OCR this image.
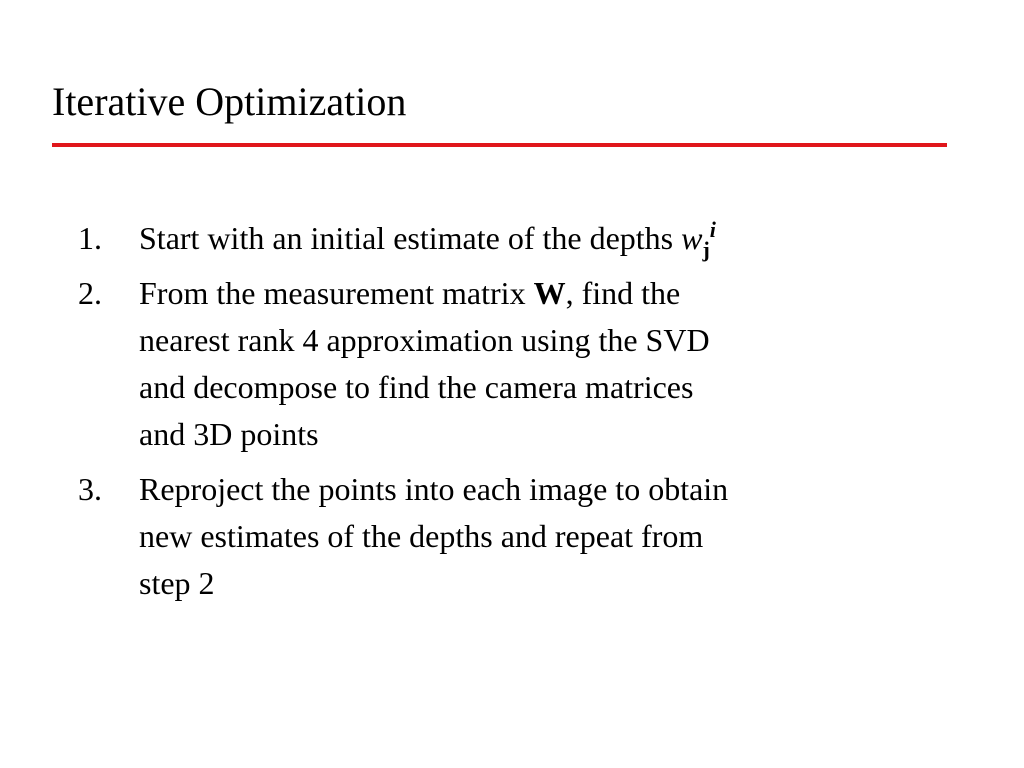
Iterative Optimization
1.	Start with an initial estimate of the depths $w_j^i$
2.	From the measurement matrix W, find the
nearest rank 4 approximation using the SVD
and decompose to find the camera matrices
and 3D points
3.	Reproject the points into each image to obtain
new estimates of the depths and repeat from
step 2
